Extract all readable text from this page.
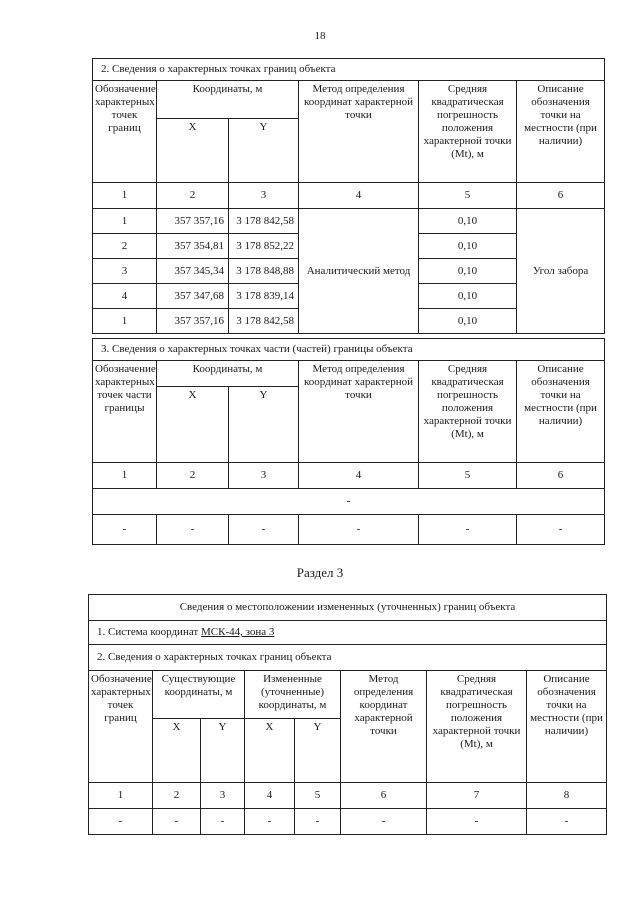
18
2. Сведения о характерных точках границ объекта					
Обозначение характерных точек границ	Координаты, м		Метод определения координат характерной точки	Средняя квадратическая погрешность положения характерной точки (Mt), м	Описание обозначения точки на местности (при наличии)
	X	Y			
1	2	3	4	5	6
1	357 357,16	3 178 842,58	Аналитический метод	0,10	Угол забора
2	357 354,81	3 178 852,22		0,10	
3	357 345,34	3 178 848,88		0,10	
4	357 347,68	3 178 839,14		0,10	
1	357 357,16	3 178 842,58		0,10	
3. Сведения о характерных точках части (частей) границы объекта					
Обозначение характерных точек части границы	Координаты, м		Метод определения координат характерной точки	Средняя квадратическая погрешность положения характерной точки (Mt), м	Описание обозначения точки на местности (при наличии)
	X	Y			
1	2	3	4	5	6
-					
-	-	-	-	-	-
Раздел 3
Сведения о местоположении измененных (уточненных) границ объекта							
1. Система координат МСК-44, зона 3							
2. Сведения о характерных точках границ объекта							
Обозначение характерных точек границ	Существующие координаты, м		Измененные (уточненные) координаты, м		Метод определения координат характерной точки	Средняя квадратическая погрешность положения характерной точки (Mt), м	Описание обозначения точки на местности (при наличии)
	X	Y	X	Y			
1	2	3	4	5	6	7	8
-	-	-	-	-	-	-	-
